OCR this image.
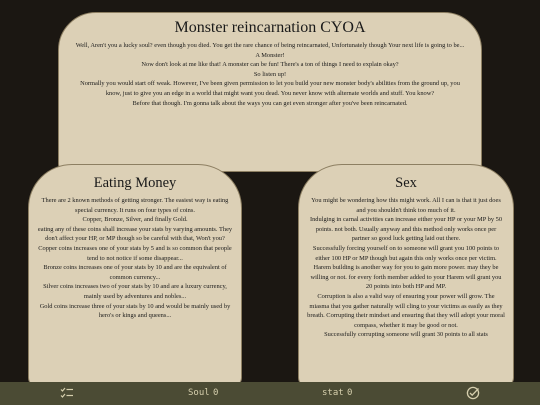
Monster reincarnation CYOA
Well, Aren't you a lucky soul? even though you died. You get the rare chance of being reincarnated, Unfortunately though Your next life is going to be...
A Monster!
Now don't look at me like that! A monster can be fun! There's a ton of things I need to explain okay?
So listen up!
Normally you would start off weak. However, I've been given permission to let you build your new monster body's abilities from the ground up, you know, just to give you an edge in a world that might want you dead. You never know with alternate worlds and stuff. You know?
Before that though. I'm gonna talk about the ways you can get even stronger after you've been reincarnated.
Eating Money
There are 2 known methods of getting stronger. The easiest way is eating special currency. It runs on four types of coins.
Copper, Bronze, Silver, and finally Gold.
eating any of these coins shall increase your stats by varying amounts. They don't affect your HP, or MP though so be careful with that, Won't you?
Copper coins increases one of your stats by 5 and is so common that people tend to not notice if some disappear...
Bronze coins increases one of your stats by 10 and are the equivalent of common currency...
Silver coins increases two of your stats by 10 and are a luxury currency, mainly used by adventures and nobles...
Gold coins increase three of your stats by 10 and would be mainly used by hero's or kings and queens...
Sex
You might be wondering how this might work. All I can is that it just does and you shouldn't think too much of it.
Indulging in carnal activities can increase either your HP or your MP by 50 points. not both. Usually anyway and this method only works once per partner so good luck getting laid out there.
Successfully forcing yourself on to someone will grant you 100 points to either 100 HP or MP though but again this only works once per victim.
Harem building is another way for you to gain more power. may they be willing or not. for every forth member added to your Harem will grant you 20 points into both HP and MP.
Corruption is also a valid way of ensuring your power will grow. The miasma that you gather naturally will cling to your victims as easily as they breath. Corrupting their mindset and ensuring that they will adopt your moral compass, whether it may be good or not.
Successfully corrupting someone will grant 30 points to all stats
Soul 0	stat 0
